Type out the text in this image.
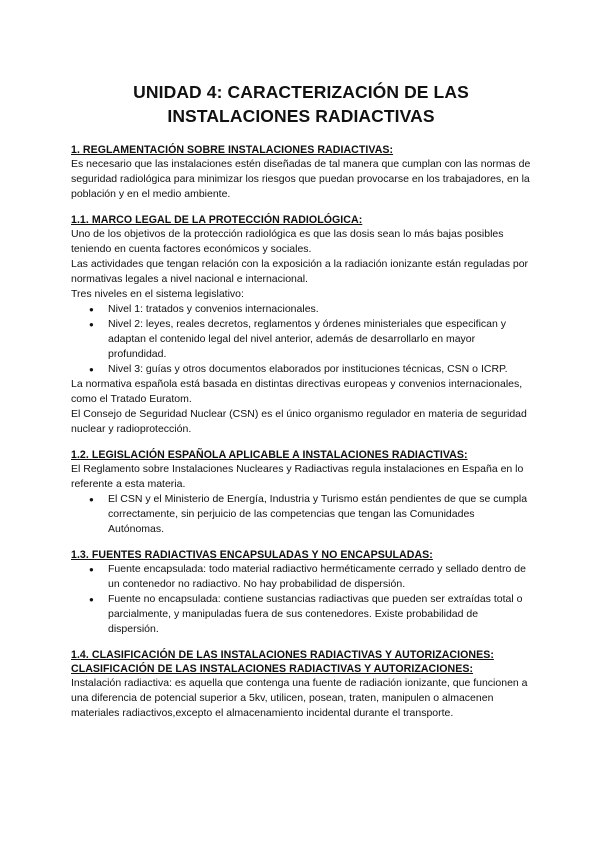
UNIDAD 4: CARACTERIZACIÓN DE LAS
INSTALACIONES RADIACTIVAS

1. REGLAMENTACIÓN SOBRE INSTALACIONES RADIACTIVAS:

Es necesario que las instalaciones estén diseñadas de tal manera que cumplan con las normas de seguridad radiológica para minimizar los riesgos que puedan provocarse en los trabajadores, en la población y en el medio ambiente.

1.1. MARCO LEGAL DE LA PROTECCIÓN RADIOLÓGICA:

Uno de los objetivos de la protección radiológica es que las dosis sean lo más bajas posibles teniendo en cuenta factores económicos y sociales.

Las actividades que tengan relación con la exposición a la radiación ionizante están reguladas por normativas legales a nivel nacional e internacional.

Tres niveles en el sistema legislativo:

● Nivel 1: tratados y convenios internacionales.
● Nivel 2: leyes, reales decretos, reglamentos y órdenes ministeriales que especifican y adaptan el contenido legal del nivel anterior, además de desarrollarlo en mayor profundidad.
● Nivel 3: guías y otros documentos elaborados por instituciones técnicas, CSN o ICRP.

La normativa española está basada en distintas directivas europeas y convenios internacionales, como el Tratado Euratom.

El Consejo de Seguridad Nuclear (CSN) es el único organismo regulador en materia de seguridad nuclear y radioprotección.

1.2. LEGISLACIÓN ESPAÑOLA APLICABLE A INSTALACIONES RADIACTIVAS:

El Reglamento sobre Instalaciones Nucleares y Radiactivas regula instalaciones en España en lo referente a esta materia.

● El CSN y el Ministerio de Energía, Industria y Turismo están pendientes de que se cumpla correctamente, sin perjuicio de las competencias que tengan las Comunidades Autónomas.

1.3. FUENTES RADIACTIVAS ENCAPSULADAS Y NO ENCAPSULADAS:

● Fuente encapsulada: todo material radiactivo herméticamente cerrado y sellado dentro de un contenedor no radiactivo. No hay probabilidad de dispersión.
● Fuente no encapsulada: contiene sustancias radiactivas que pueden ser extraídas total o parcialmente, y manipuladas fuera de sus contenedores. Existe probabilidad de dispersión.

1.4. CLASIFICACIÓN DE LAS INSTALACIONES RADIACTIVAS Y AUTORIZACIONES:

CLASIFICACIÓN DE LAS INSTALACIONES RADIACTIVAS Y AUTORIZACIONES:

Instalación radiactiva: es aquella que contenga una fuente de radiación ionizante, que funcionen a una diferencia de potencial superior a 5kv, utilicen, posean, traten, manipulen o almacenen materiales radiactivos,excepto el almacenamiento incidental durante el transporte.
